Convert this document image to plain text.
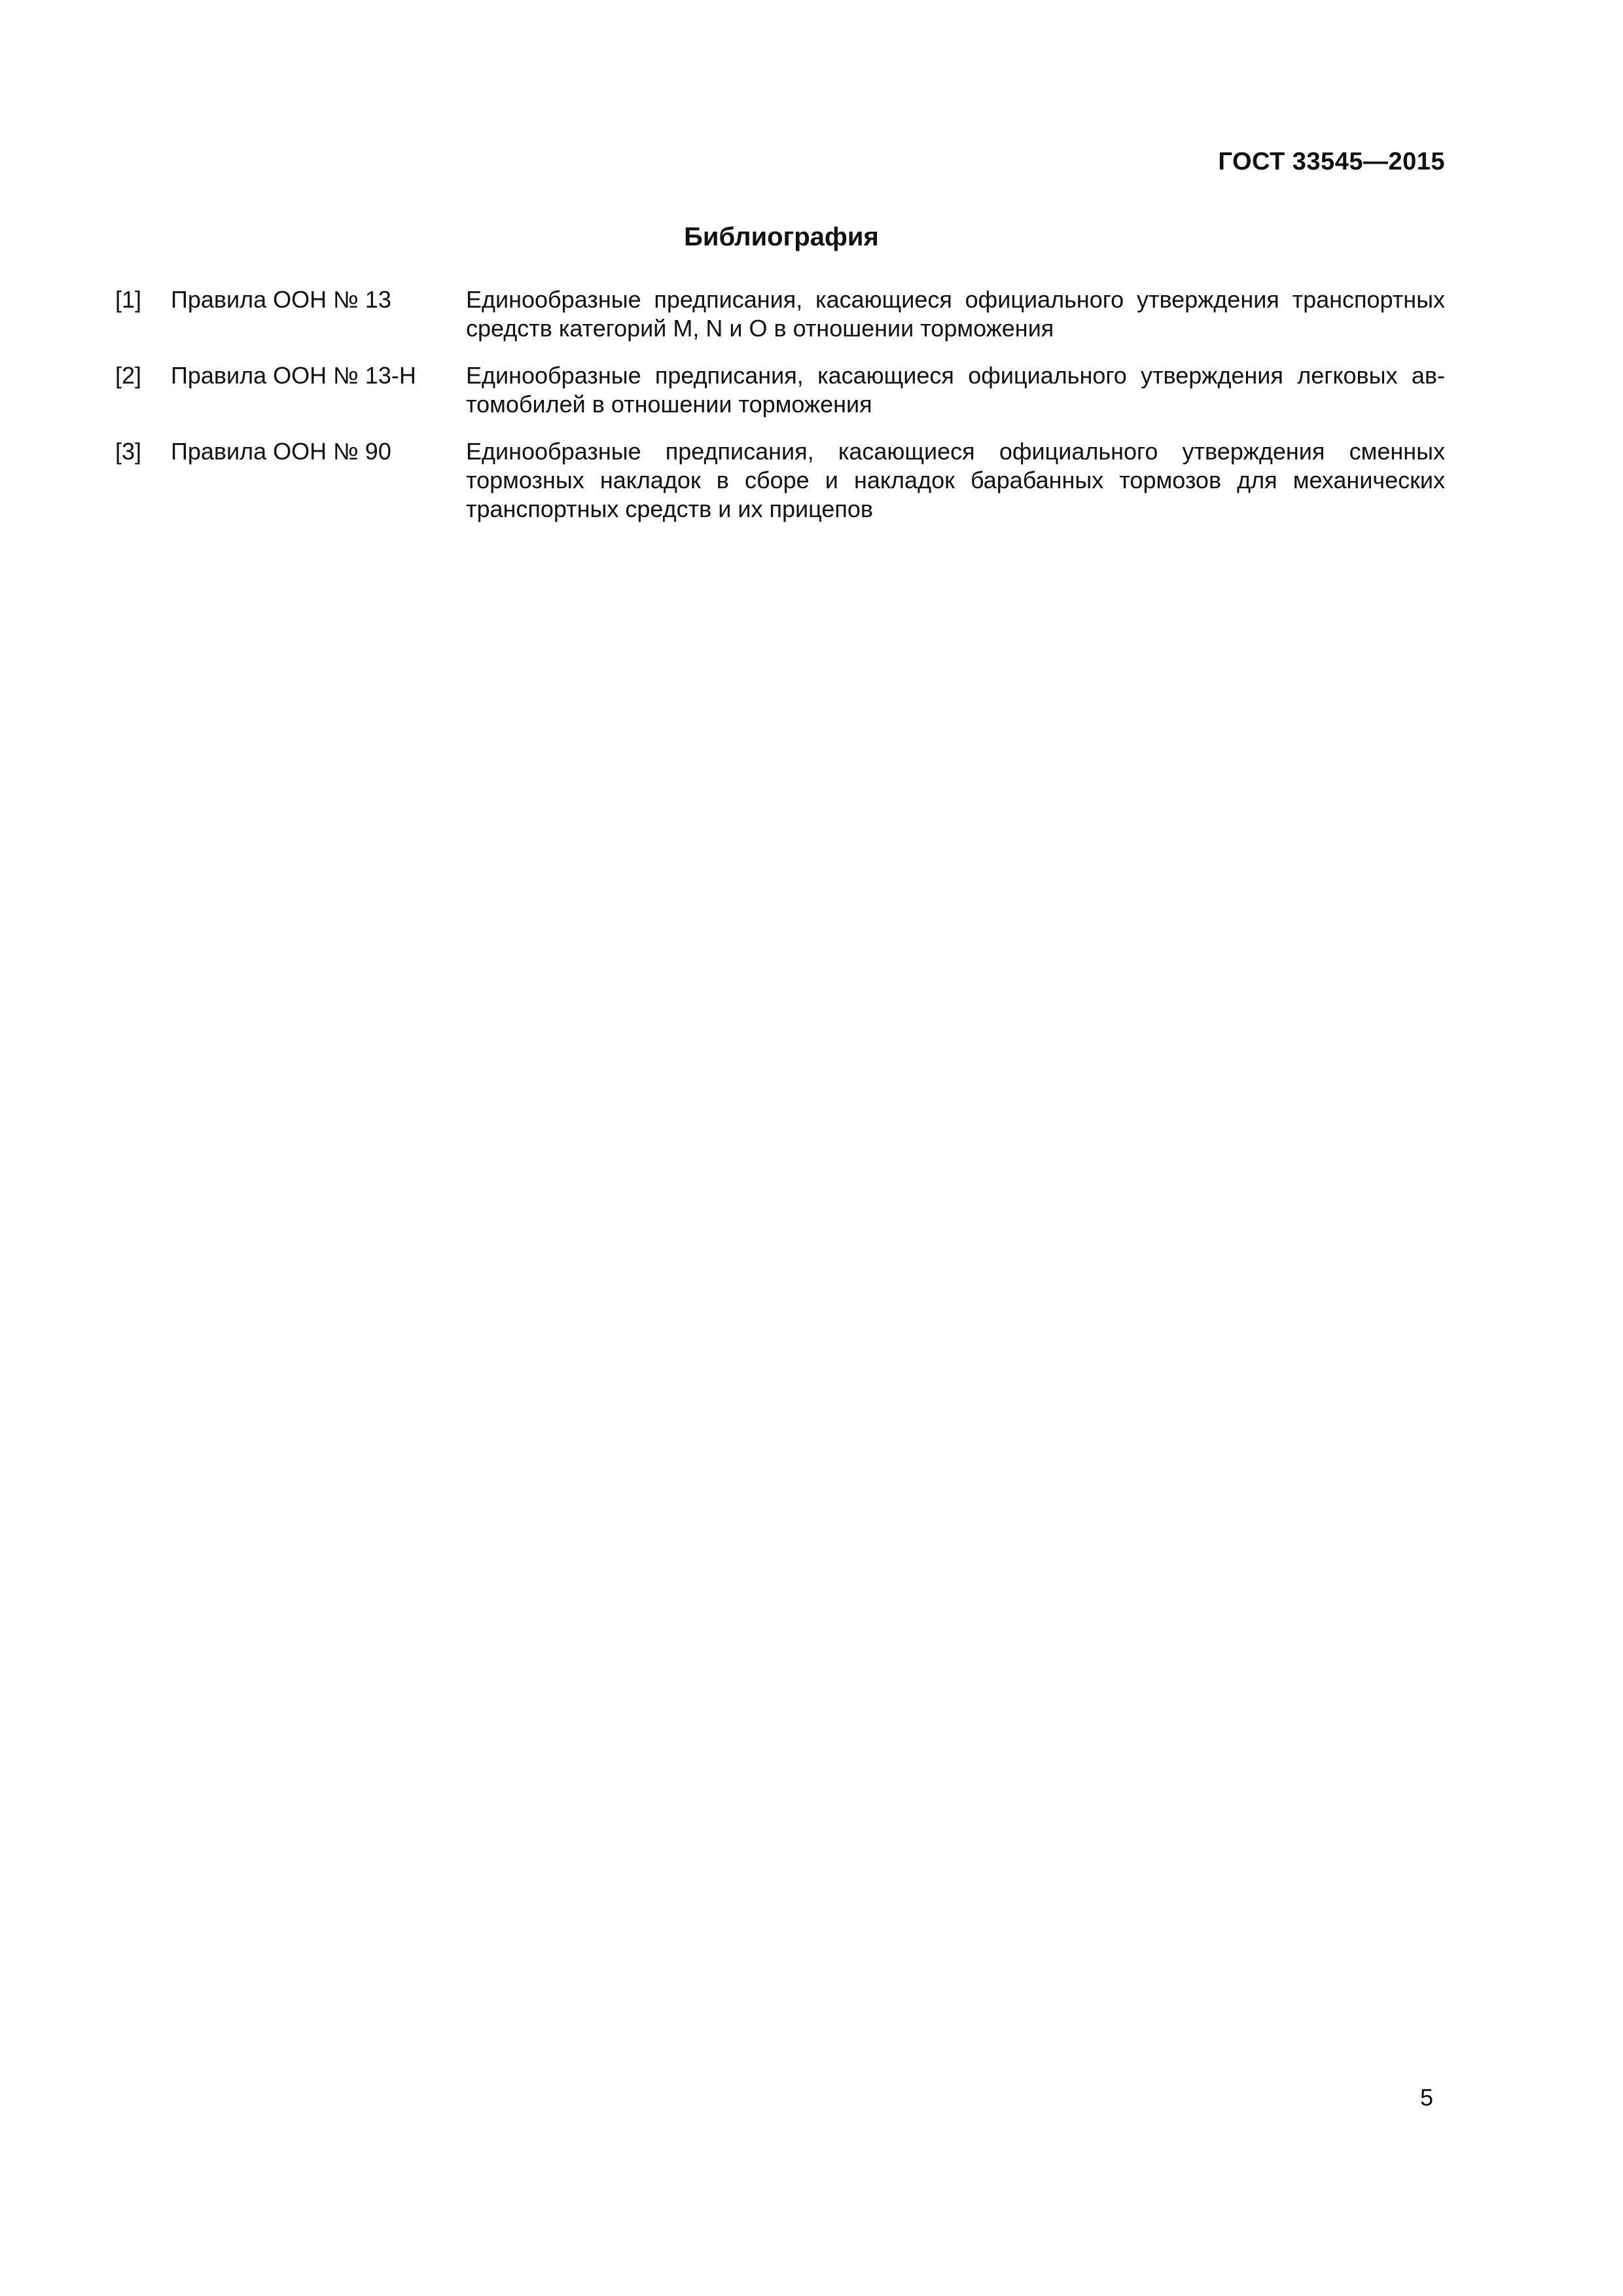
ГОСТ 33545—2015
Библиография
[1] Правила ООН № 13	Единообразные предписания, касающиеся официального утверждения транспортных средств категорий M, N и O в отношении торможения
[2] Правила ООН № 13-Н Единообразные предписания, касающиеся официального утверждения легковых автомобилей в отношении торможения
[3] Правила ООН № 90	Единообразные предписания, касающиеся официального утверждения сменных тормозных накладок в сборе и накладок барабанных тормозов для механических транспортных средств и их прицепов
5
